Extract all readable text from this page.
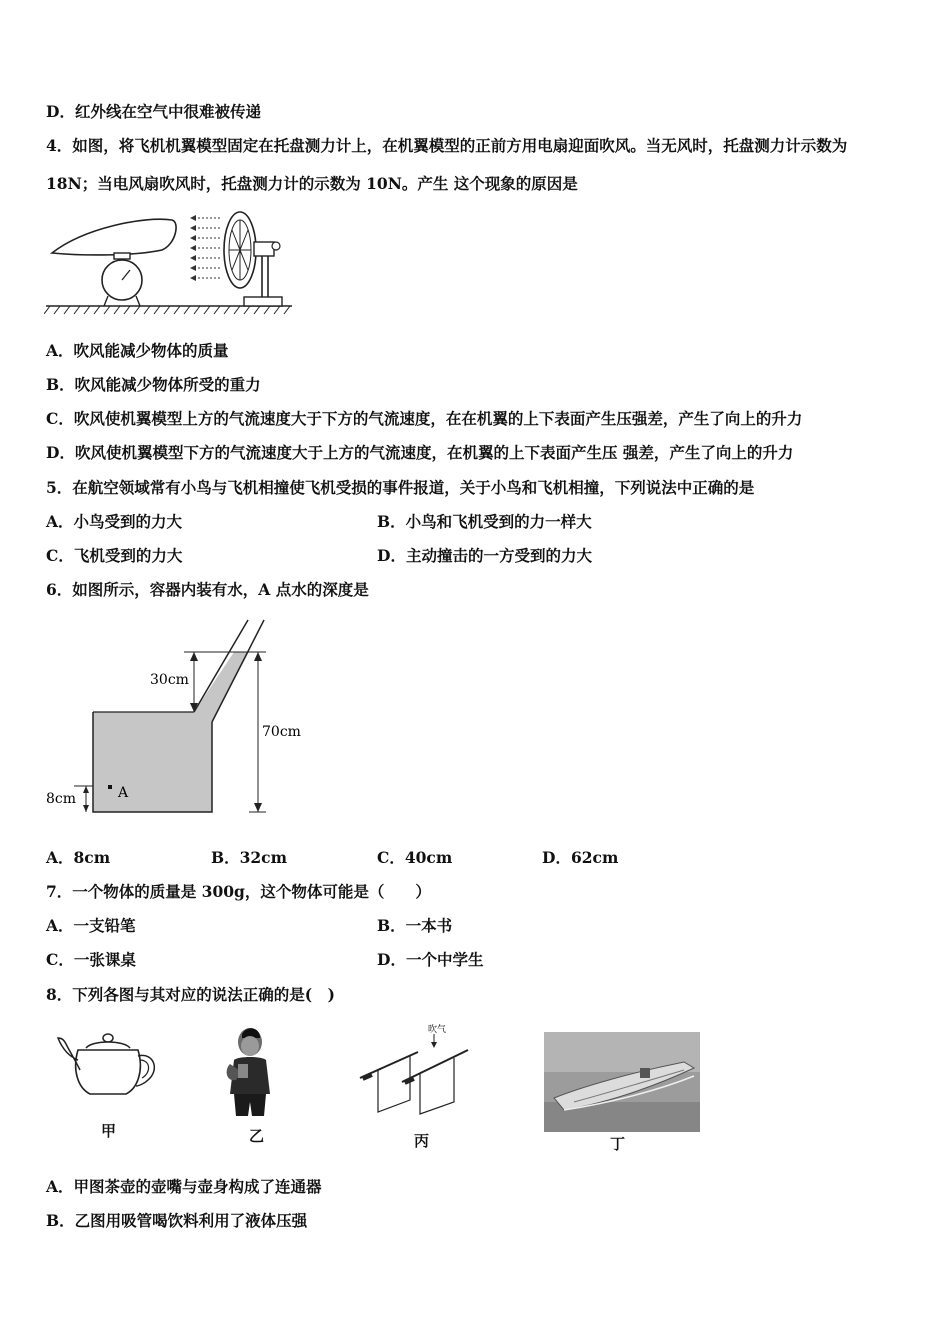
D．红外线在空气中很难被传递
4．如图，将飞机机翼模型固定在托盘测力计上，在机翼模型的正前方用电扇迎面吹风。当无风时，托盘测力计示数为
18N；当电风扇吹风时，托盘测力计的示数为 10N。产生 这个现象的原因是
A．吹风能减少物体的质量
B．吹风能减少物体所受的重力
C．吹风使机翼模型上方的气流速度大于下方的气流速度，在在机翼的上下表面产生压强差，产生了向上的升力
D．吹风使机翼模型下方的气流速度大于上方的气流速度，在机翼的上下表面产生压 强差，产生了向上的升力
5．在航空领域常有小鸟与飞机相撞使飞机受损的事件报道，关于小鸟和飞机相撞，下列说法中正确的是
A．小鸟受到的力大	B．小鸟和飞机受到的力一样大
C．飞机受到的力大	D．主动撞击的一方受到的力大
6．如图所示，容器内装有水，A 点水的深度是
30cm
70cm
8cm	A
A．8cm	B．32cm	C．40cm	D．62cm
7．一个物体的质量是 300g，这个物体可能是（　　）
A．一支铅笔	B．一本书
C．一张课桌	D．一个中学生
8．下列各图与其对应的说法正确的是(　)
甲	乙
吹气
丙	丁
A．甲图茶壶的壶嘴与壶身构成了连通器
B．乙图用吸管喝饮料利用了液体压强
